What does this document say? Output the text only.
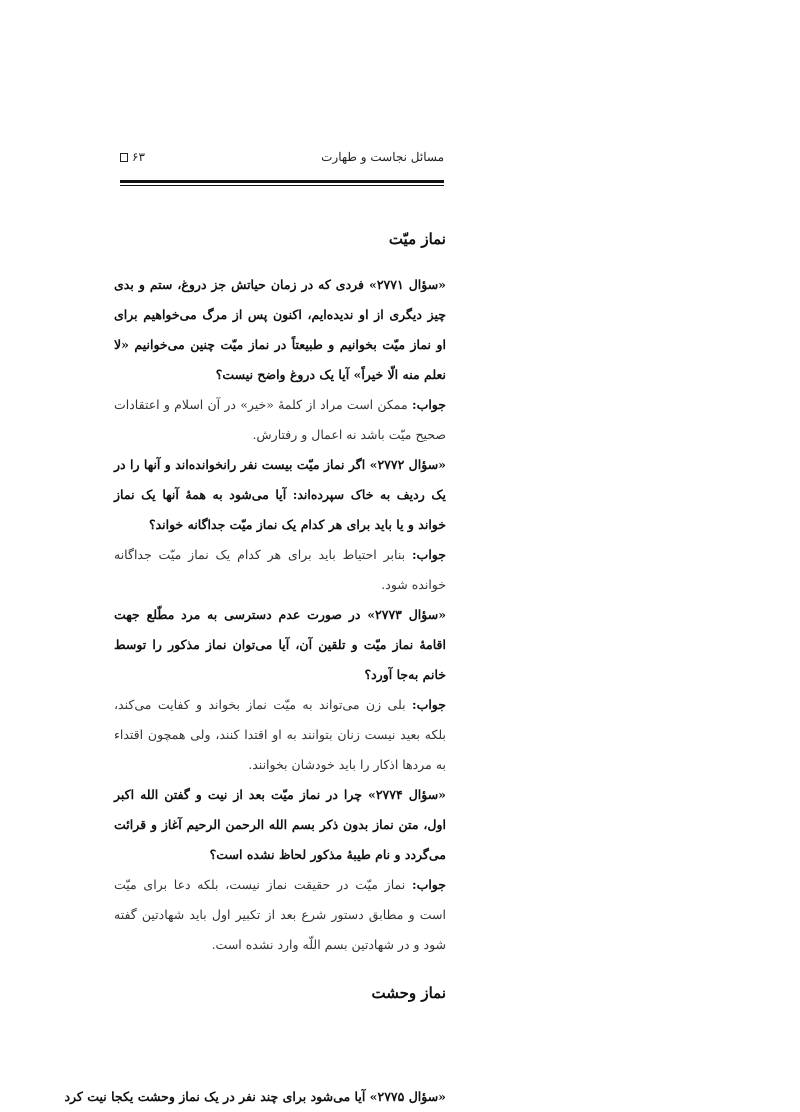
مسائل نجاست و طهارت
۶۳
نماز میّت

«سؤال ۲۷۷۱» فردی که در زمان حیاتش جز دروغ، ستم و بدی چیز دیگری از او ندیده‌ایم، اکنون پس از مرگ می‌خواهیم برای او نماز میّت بخوانیم و طبیعتاً در نماز میّت چنین می‌خوانیم «لا نعلم منه الّا خیراً» آیا یک دروغ واضح نیست؟

جواب: ممکن است مراد از کلمهٔ «خیر» در آن اسلام و اعتقادات صحیح میّت باشد نه اعمال و رفتارش.

«سؤال ۲۷۷۲» اگر نماز میّت بیست نفر رانخوانده‌اند و آنها را در یک ردیف به خاک سپرده‌اند: آیا می‌شود به همهٔ آنها یک نماز خواند و یا باید برای هر کدام یک نماز میّت جداگانه خواند؟

جواب: بنابر احتیاط باید برای هر کدام یک نماز میّت جداگانه خوانده شود.

«سؤال ۲۷۷۳» در صورت عدم دسترسی به مرد مطّلع جهت اقامهٔ نماز میّت و تلقین آن، آیا می‌توان نماز مذکور را توسط خانم به‌جا آورد؟

جواب: بلی زن می‌تواند به میّت نماز بخواند و کفایت می‌کند، بلکه بعید نیست زنان بتوانند به او اقتدا کنند، ولی همچون اقتداء به مردها اذکار را باید خودشان بخوانند.

«سؤال ۲۷۷۴» چرا در نماز میّت بعد از نیت و گفتن الله اکبر اول، متن نماز بدون ذکر بسم الله الرحمن الرحیم آغاز و قرائت می‌گردد و نام طیبهٔ مذکور لحاظ نشده است؟

جواب: نماز میّت در حقیقت نماز نیست، بلکه دعا برای میّت است و مطابق دستور شرع بعد از تکبیر اول باید شهادتین گفته شود و در شهادتین بسم اللّه وارد نشده است.

نماز وحشت
«سؤال ۲۷۷۵» آیا می‌شود برای چند نفر در یک نماز وحشت یکجا نیت کرد
